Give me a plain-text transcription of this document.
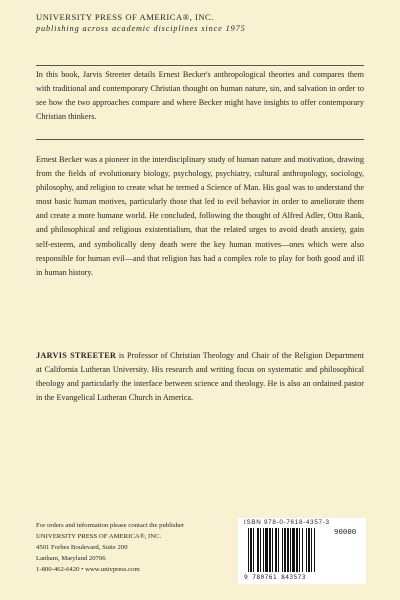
UNIVERSITY PRESS OF AMERICA®, INC.
publishing across academic disciplines since 1975

In this book, Jarvis Streeter details Ernest Becker's anthropological theories and compares them with traditional and contemporary Christian thought on human nature, sin, and salvation in order to see how the two approaches compare and where Becker might have insights to offer contemporary Christian thinkers.

Ernest Becker was a pioneer in the interdisciplinary study of human nature and motivation, drawing from the fields of evolutionary biology, psychology, psychiatry, cultural anthropology, sociology, philosophy, and religion to create what he termed a Science of Man. His goal was to understand the most basic human motives, particularly those that led to evil behavior in order to ameliorate them and create a more humane world. He concluded, following the thought of Alfred Adler, Otto Rank, and philosophical and religious existentialism, that the related urges to avoid death anxiety, gain self-esteem, and symbolically deny death were the key human motives—ones which were also responsible for human evil—and that religion has had a complex role to play for both good and ill in human history.

JARVIS STREETER is Professor of Christian Theology and Chair of the Religion Department at California Lutheran University. His research and writing focus on systematic and philosophical theology and particularly the interface between science and theology. He is also an ordained pastor in the Evangelical Lutheran Church in America.

For orders and information please contact the publisher
UNIVERSITY PRESS OF AMERICA®, INC.
4501 Forbes Boulevard, Suite 200
Lanham, Maryland 20706
1-800-462-6420 • www.univpress.com
ISBN 978-0-7618-4357-3
90000
9 780761 843573
